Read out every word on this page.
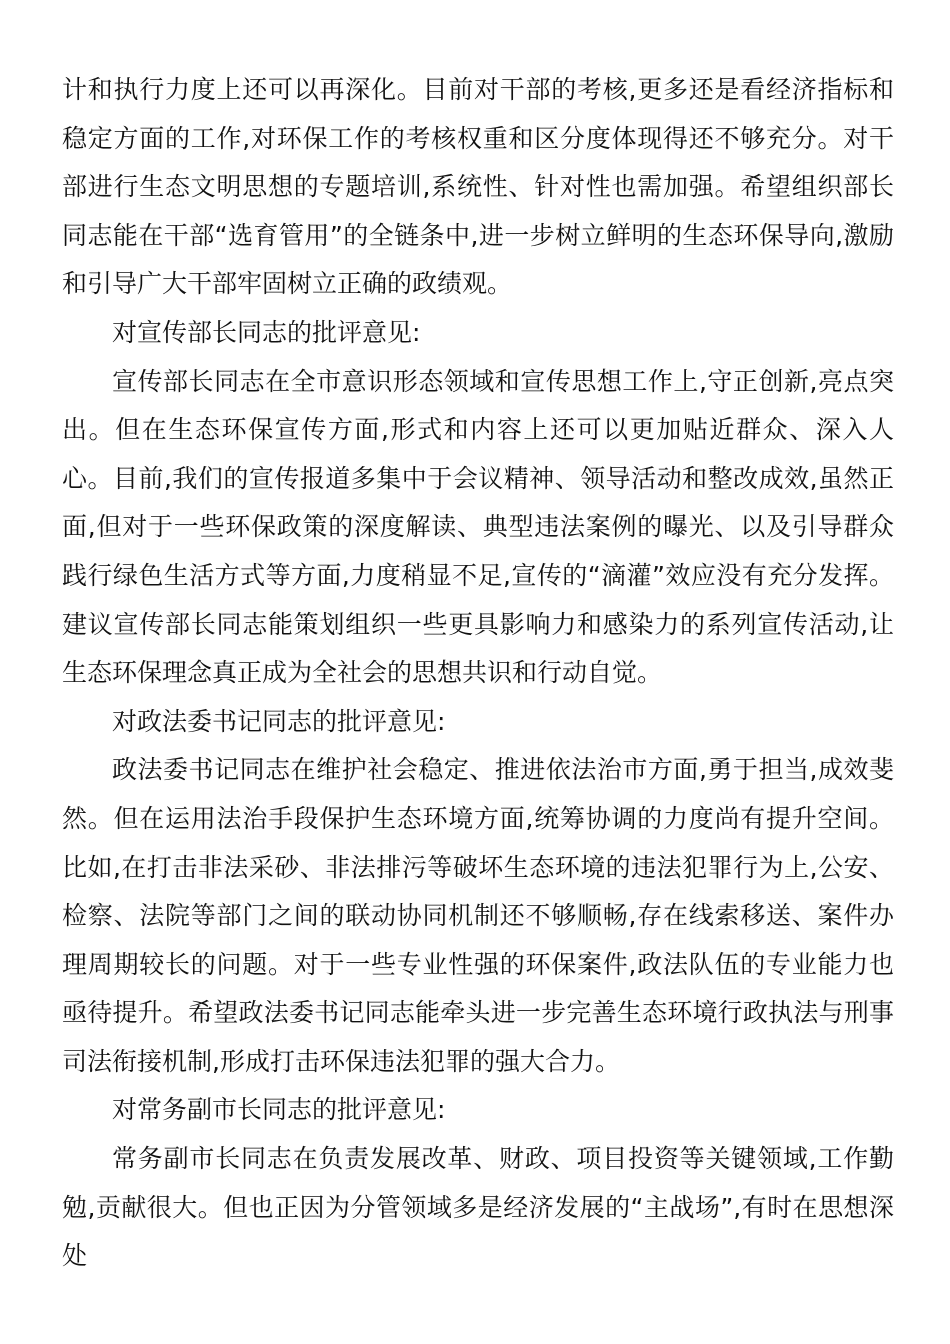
计和执行力度上还可以再深化。目前对干部的考核,更多还是看经济指标和稳定方面的工作,对环保工作的考核权重和区分度体现得还不够充分。对干部进行生态文明思想的专题培训,系统性、针对性也需加强。希望组织部长同志能在干部“选育管用”的全链条中,进一步树立鲜明的生态环保导向,激励和引导广大干部牢固树立正确的政绩观。

对宣传部长同志的批评意见:

宣传部长同志在全市意识形态领域和宣传思想工作上,守正创新,亮点突出。但在生态环保宣传方面,形式和内容上还可以更加贴近群众、深入人心。目前,我们的宣传报道多集中于会议精神、领导活动和整改成效,虽然正面,但对于一些环保政策的深度解读、典型违法案例的曝光、以及引导群众践行绿色生活方式等方面,力度稍显不足,宣传的“滴灌”效应没有充分发挥。建议宣传部长同志能策划组织一些更具影响力和感染力的系列宣传活动,让生态环保理念真正成为全社会的思想共识和行动自觉。

对政法委书记同志的批评意见:

政法委书记同志在维护社会稳定、推进依法治市方面,勇于担当,成效斐然。但在运用法治手段保护生态环境方面,统筹协调的力度尚有提升空间。比如,在打击非法采砂、非法排污等破坏生态环境的违法犯罪行为上,公安、检察、法院等部门之间的联动协同机制还不够顺畅,存在线索移送、案件办理周期较长的问题。对于一些专业性强的环保案件,政法队伍的专业能力也亟待提升。希望政法委书记同志能牵头进一步完善生态环境行政执法与刑事司法衔接机制,形成打击环保违法犯罪的强大合力。

对常务副市长同志的批评意见:

常务副市长同志在负责发展改革、财政、项目投资等关键领域,工作勤勉,贡献很大。但也正因为分管领域多是经济发展的“主战场”,有时在思想深处
